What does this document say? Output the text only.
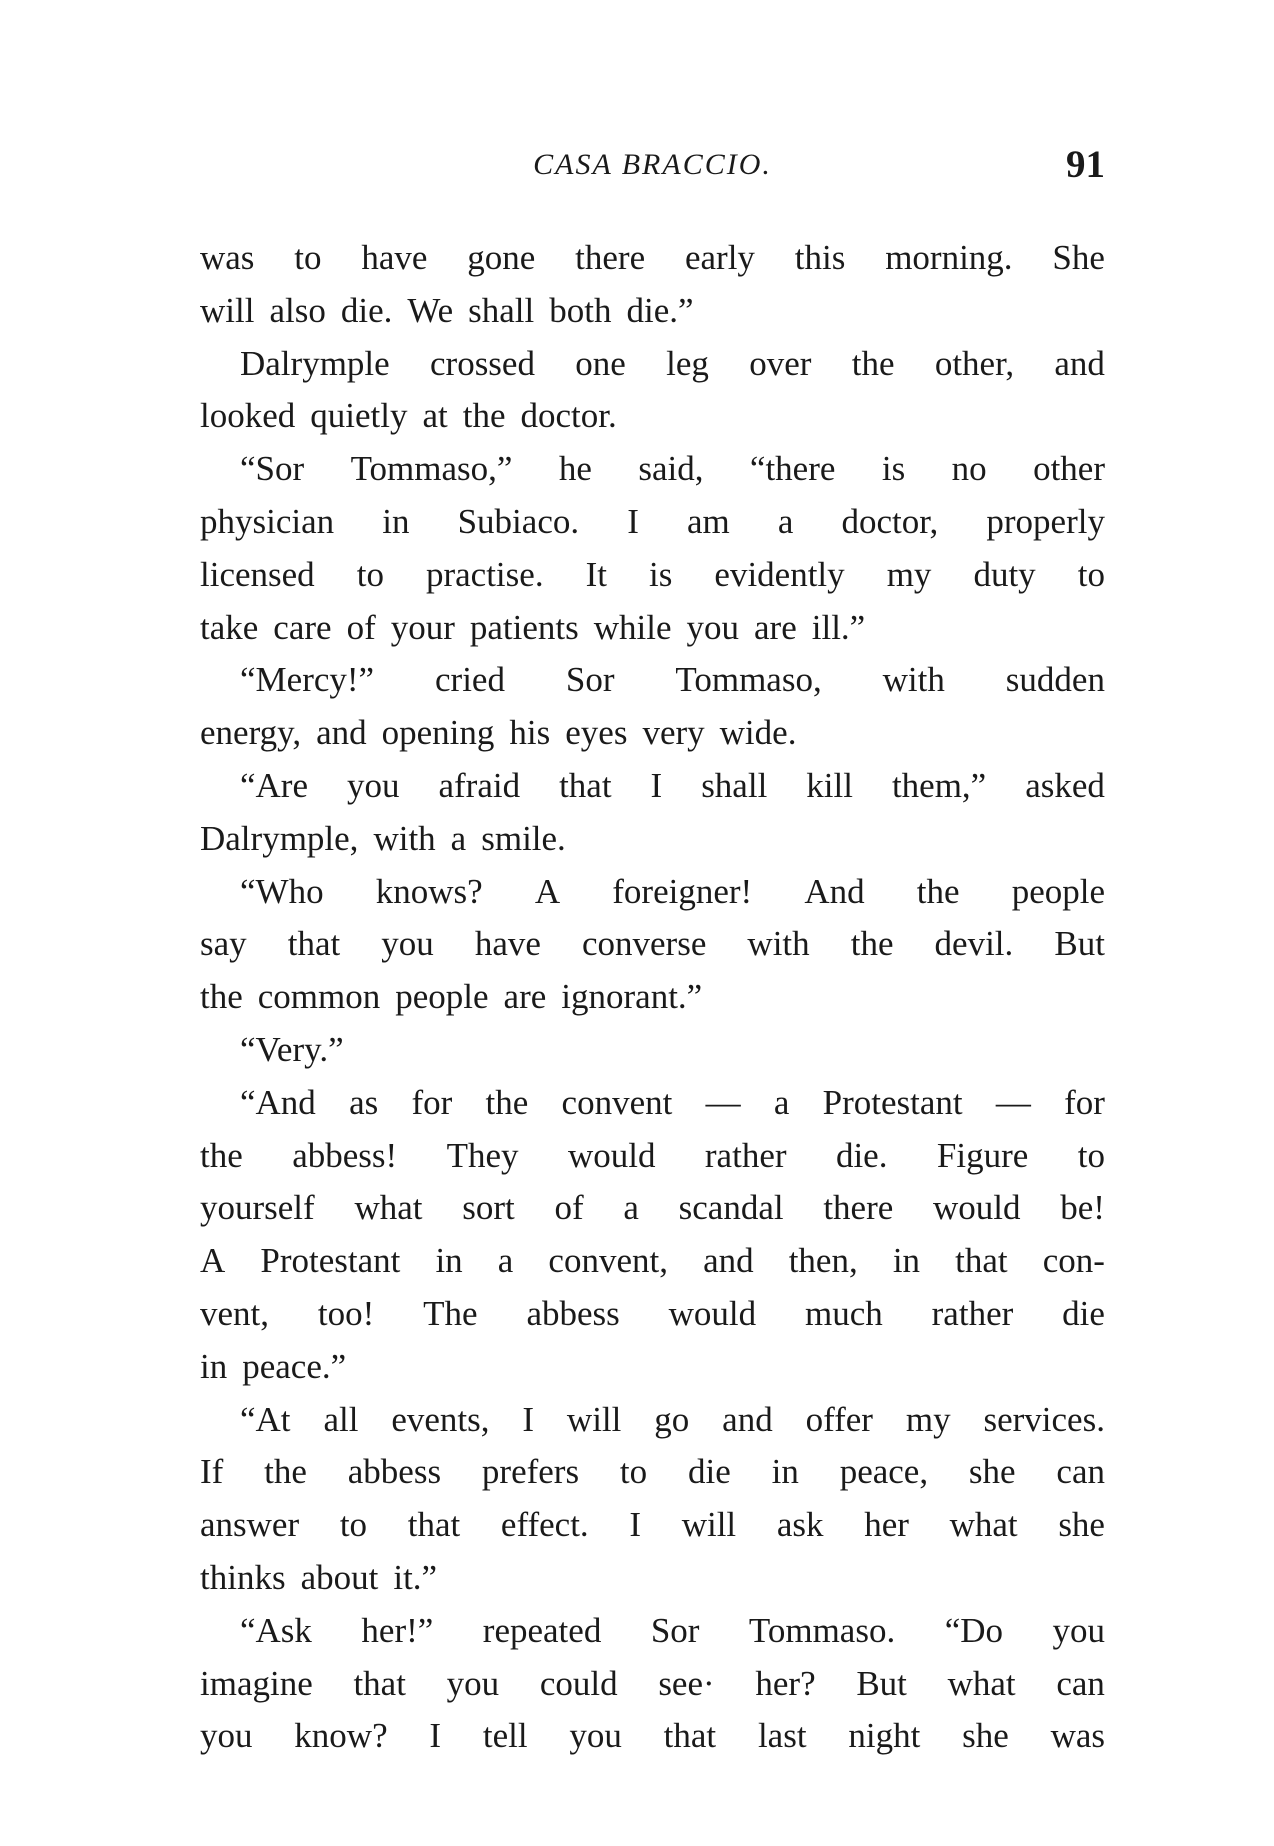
CASA BRACCIO.	91
was to have gone there early this morning. She
will also die. We shall both die.”
Dalrymple crossed one leg over the other, and
looked quietly at the doctor.
“Sor Tommaso,” he said, “there is no other
physician in Subiaco. I am a doctor, properly
licensed to practise. It is evidently my duty to
take care of your patients while you are ill.”
“Mercy!” cried Sor Tommaso, with sudden
energy, and opening his eyes very wide.
“Are you afraid that I shall kill them,” asked
Dalrymple, with a smile.
“Who knows? A foreigner! And the people
say that you have converse with the devil. But
the common people are ignorant.”
“Very.”
“And as for the convent — a Protestant — for
the abbess! They would rather die. Figure to
yourself what sort of a scandal there would be!
A Protestant in a convent, and then, in that con-
vent, too! The abbess would much rather die
in peace.”
“At all events, I will go and offer my services.
If the abbess prefers to die in peace, she can
answer to that effect. I will ask her what she
thinks about it.”
“Ask her!” repeated Sor Tommaso. “Do you
imagine that you could see· her? But what can
you know? I tell you that last night she was
